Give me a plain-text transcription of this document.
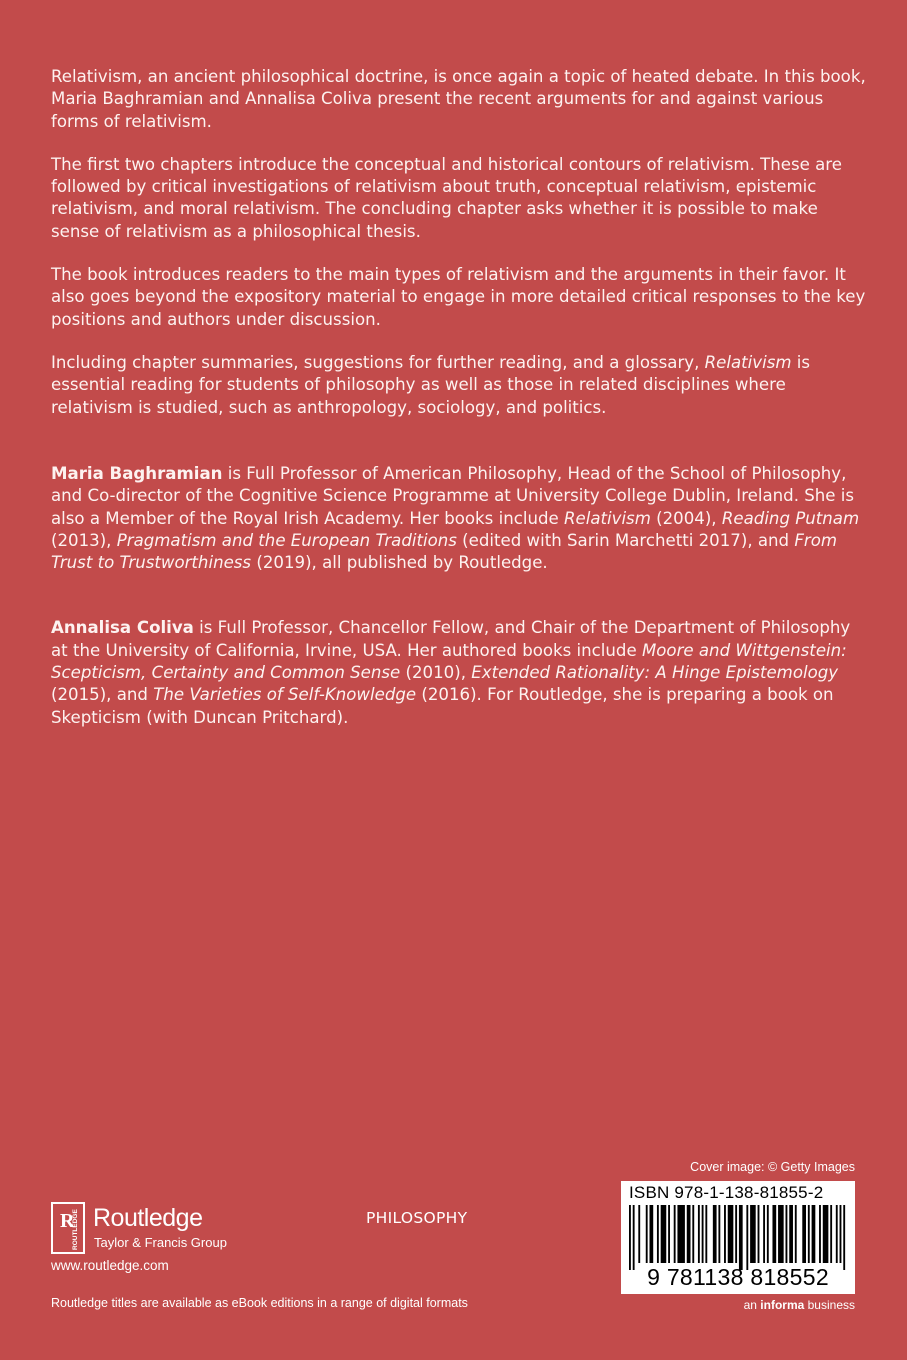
Relativism, an ancient philosophical doctrine, is once again a topic of heated debate. In this book, Maria Baghramian and Annalisa Coliva present the recent arguments for and against various forms of relativism.

The first two chapters introduce the conceptual and historical contours of relativism. These are followed by critical investigations of relativism about truth, conceptual relativism, epistemic relativism, and moral relativism. The concluding chapter asks whether it is possible to make sense of relativism as a philosophical thesis.

The book introduces readers to the main types of relativism and the arguments in their favor. It also goes beyond the expository material to engage in more detailed critical responses to the key positions and authors under discussion.

Including chapter summaries, suggestions for further reading, and a glossary, Relativism is essential reading for students of philosophy as well as those in related disciplines where relativism is studied, such as anthropology, sociology, and politics.

Maria Baghramian is Full Professor of American Philosophy, Head of the School of Philosophy, and Co-director of the Cognitive Science Programme at University College Dublin, Ireland. She is also a Member of the Royal Irish Academy. Her books include Relativism (2004), Reading Putnam (2013), Pragmatism and the European Traditions (edited with Sarin Marchetti 2017), and From Trust to Trustworthiness (2019), all published by Routledge.

Annalisa Coliva is Full Professor, Chancellor Fellow, and Chair of the Department of Philosophy at the University of California, Irvine, USA. Her authored books include Moore and Wittgenstein: Scepticism, Certainty and Common Sense (2010), Extended Rationality: A Hinge Epistemology (2015), and The Varieties of Self-Knowledge (2016). For Routledge, she is preparing a book on Skepticism (with Duncan Pritchard).

R
ROUTLEDGE Routledge
Taylor & Francis Group
www.routledge.com
PHILOSOPHY
Routledge titles are available as eBook editions in a range of digital formats
Cover image: © Getty Images
ISBN 978-1-138-81855-2
9 781138 818552
an informa business
